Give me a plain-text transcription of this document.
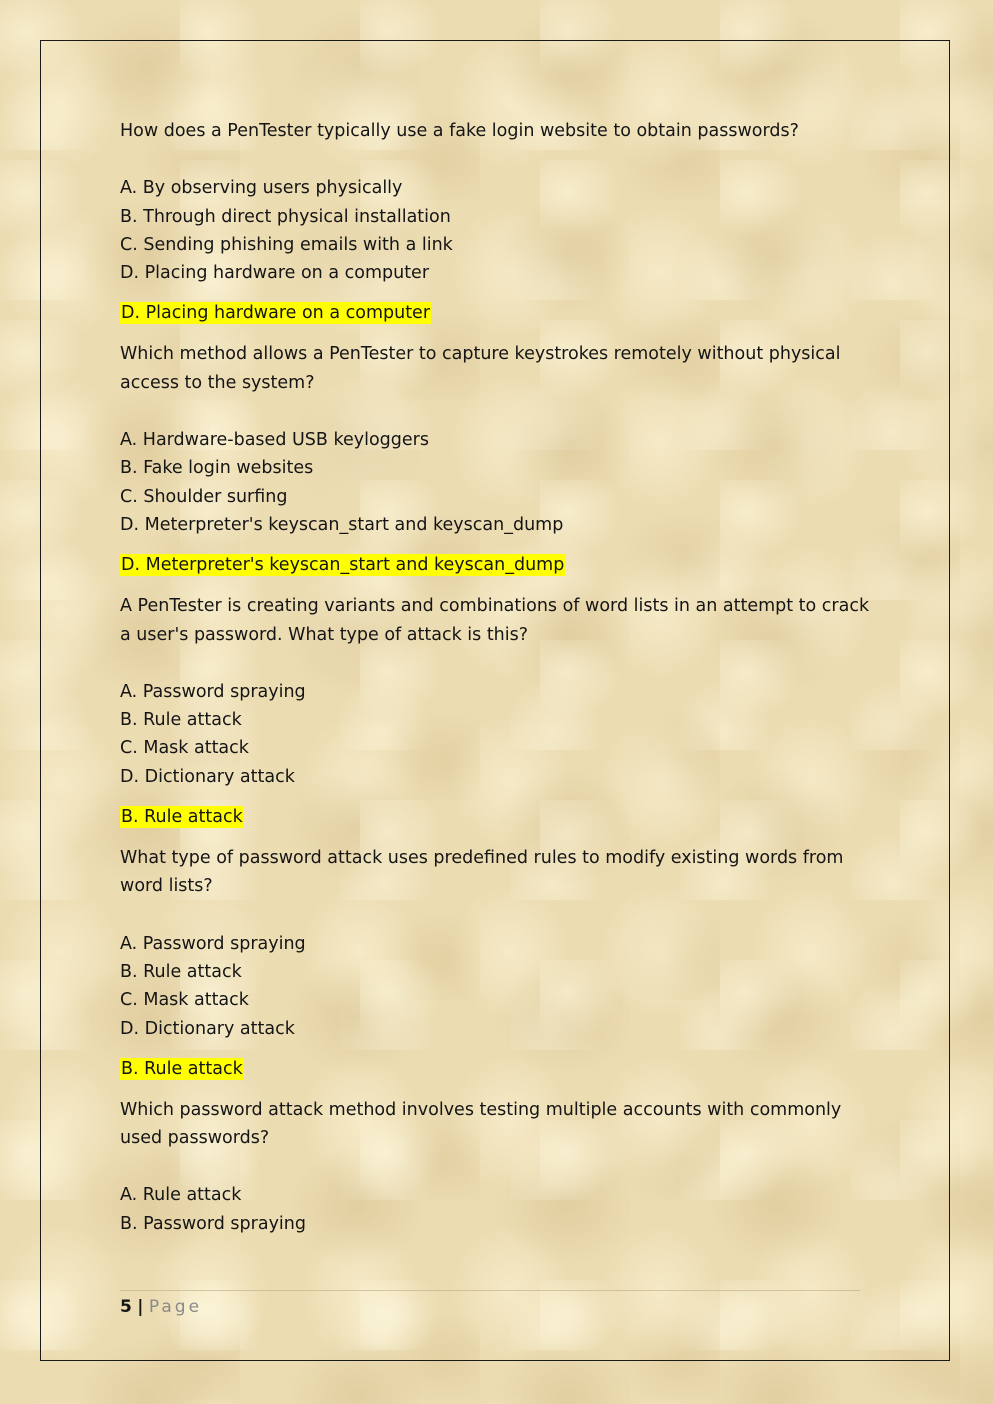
How does a PenTester typically use a fake login website to obtain passwords?

A. By observing users physically
B. Through direct physical installation
C. Sending phishing emails with a link
D. Placing hardware on a computer
D. Placing hardware on a computer

Which method allows a PenTester to capture keystrokes remotely without physical access to the system?

A. Hardware-based USB keyloggers
B. Fake login websites
C. Shoulder surfing
D. Meterpreter's keyscan_start and keyscan_dump
D. Meterpreter's keyscan_start and keyscan_dump

A PenTester is creating variants and combinations of word lists in an attempt to crack a user's password. What type of attack is this?

A. Password spraying
B. Rule attack
C. Mask attack
D. Dictionary attack
B. Rule attack

What type of password attack uses predefined rules to modify existing words from word lists?

A. Password spraying
B. Rule attack
C. Mask attack
D. Dictionary attack
B. Rule attack

Which password attack method involves testing multiple accounts with commonly used passwords?

A. Rule attack
B. Password spraying
5 | Page
